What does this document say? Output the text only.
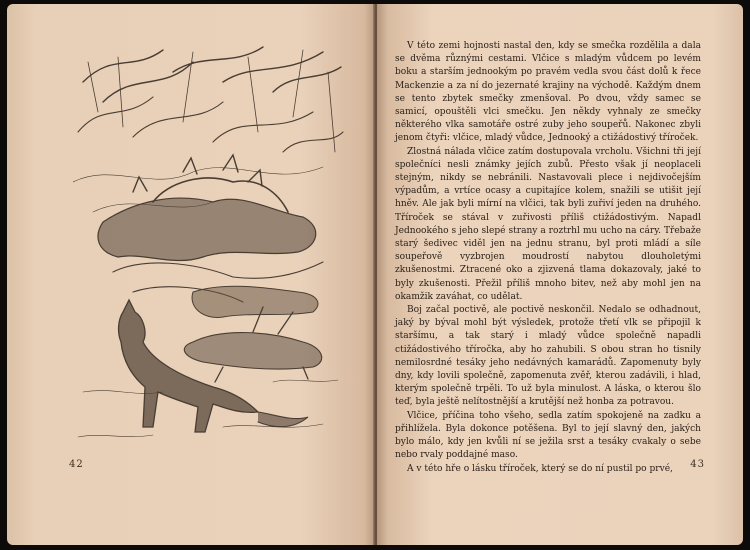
42

V této zemi hojnosti nastal den, kdy se smečka rozdělila a dala se dvěma různými cestami. Vlčice s mladým vůdcem po levém boku a starším jednookým po pravém vedla svou část dolů k řece Mackenzie a za ní do jezernaté krajiny na východě. Každým dnem se tento zbytek smečky zmenšoval. Po dvou, vždy samec se samicí, opouštěli vlci smečku. Jen někdy vyhnaly ze smečky některého vlka samotáře ostré zuby jeho soupeřů. Nakonec zbyli jenom čtyři: vlčice, mladý vůdce, Jednooký a ctižádostivý tříroček.

Zlostná nálada vlčice zatím dostupovala vrcholu. Všichni tři její společníci nesli známky jejích zubů. Přesto však jí neoplaceli stejným, nikdy se nebránili. Nastavovali plece i nejdivočejším výpadům, a vrtíce ocasy a cupitajíce kolem, snažili se utišit její hněv. Ale jak byli mírní na vlčici, tak byli zuřiví jeden na druhého. Tříroček se stával v zuřivosti příliš ctižádostivým. Napadl Jednookého s jeho slepé strany a roztrhl mu ucho na cáry. Třebaže starý šedivec viděl jen na jednu stranu, byl proti mládí a síle soupeřově vyzbrojen moudrostí nabytou dlouholetými zkušenostmi. Ztracené oko a zjizvená tlama dokazovaly, jaké to byly zkušenosti. Přežil příliš mnoho bitev, než aby mohl jen na okamžik zaváhat, co udělat.

Boj začal poctivě, ale poctivě neskončil. Nedalo se odhadnout, jaký by býval mohl být výsledek, protože třetí vlk se připojil k staršímu, a tak starý i mladý vůdce společně napadli ctižádostivého tříročka, aby ho zahubili. S obou stran ho tisnily nemilosrdné tesáky jeho nedávných kamarádů. Zapomenuty byly dny, kdy lovili společně, zapomenuta zvěř, kterou zadávili, i hlad, kterým společně trpěli. To už byla minulost. A láska, o kterou šlo teď, byla ještě nelítostnější a krutější než honba za potravou.

Vlčice, příčina toho všeho, sedla zatím spokojeně na zadku a přihlížela. Byla dokonce potěšena. Byl to její slavný den, jakých bylo málo, kdy jen kvůli ní se ježila srst a tesáky cvakaly o sebe nebo rvaly poddajné maso.

A v této hře o lásku tříroček, který se do ní pustil po prvé,	43
